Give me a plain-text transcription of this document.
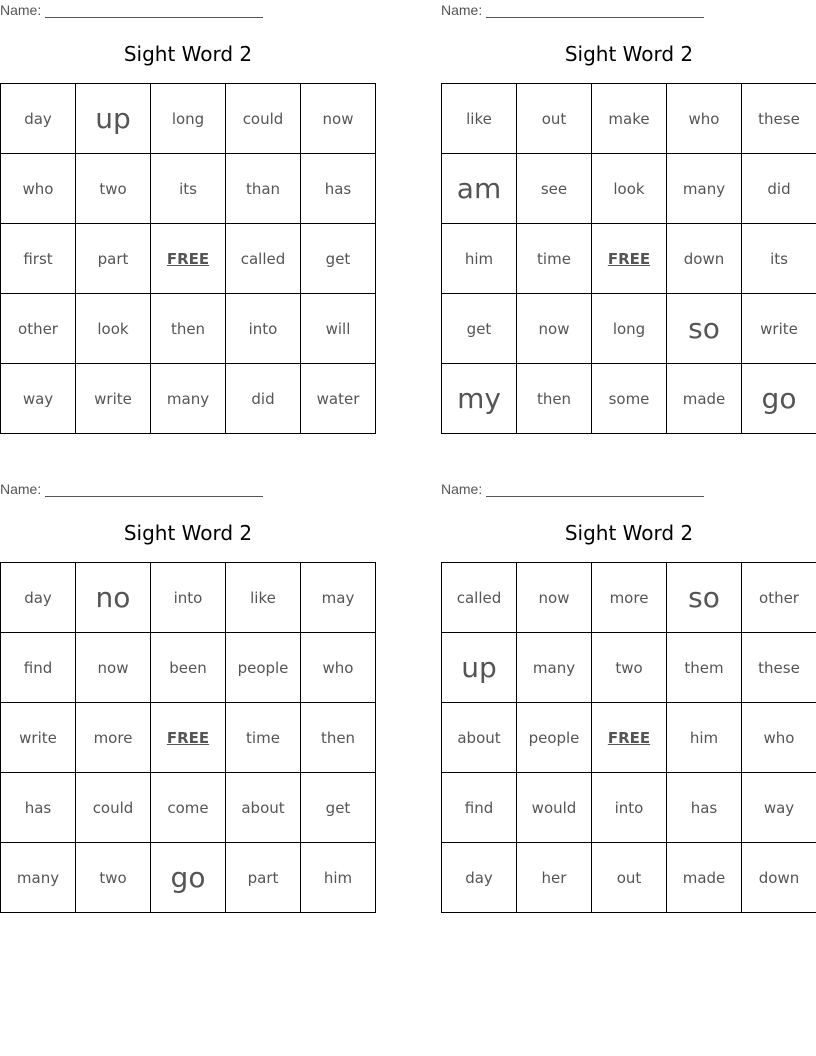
Name:
Sight Word 2
day	up	long	could	now
who	two	its	than	has
first	part	FREE	called	get
other	look	then	into	will
way	write	many	did	water
Name:
Sight Word 2
like	out	make	who	these
am	see	look	many	did
him	time	FREE	down	its
get	now	long	so	write
my	then	some	made	go
Name:
Sight Word 2
day	no	into	like	may
find	now	been	people	who
write	more	FREE	time	then
has	could	come	about	get
many	two	go	part	him
Name:
Sight Word 2
called	now	more	so	other
up	many	two	them	these
about	people	FREE	him	who
find	would	into	has	way
day	her	out	made	down
